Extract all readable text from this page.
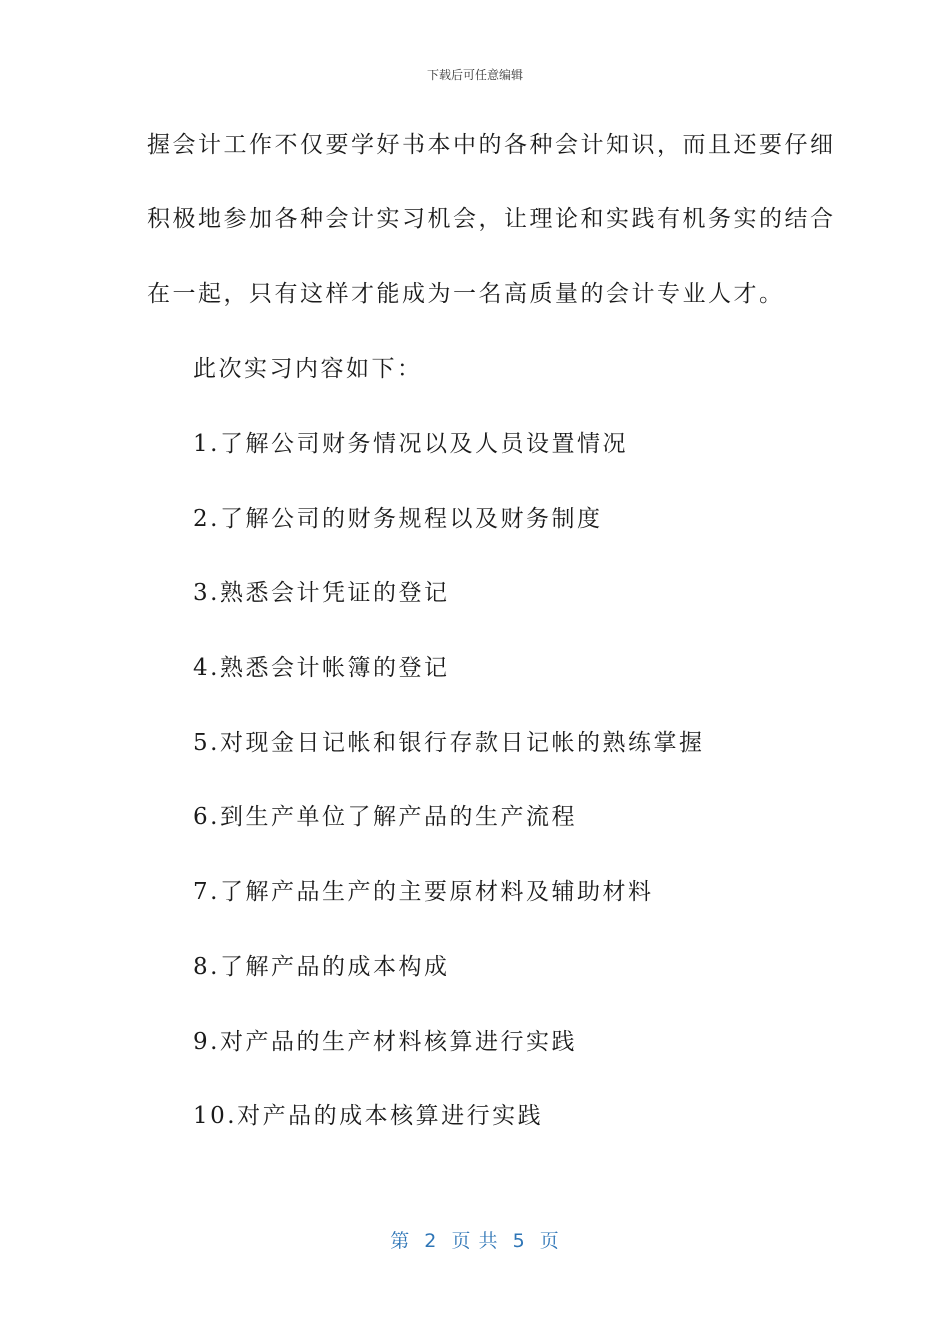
下载后可任意编辑
握会计工作不仅要学好书本中的各种会计知识，而且还要仔细
积极地参加各种会计实习机会，让理论和实践有机务实的结合
在一起，只有这样才能成为一名高质量的会计专业人才。
此次实习内容如下：
1.了解公司财务情况以及人员设置情况
2.了解公司的财务规程以及财务制度
3.熟悉会计凭证的登记
4.熟悉会计帐簿的登记
5.对现金日记帐和银行存款日记帐的熟练掌握
6.到生产单位了解产品的生产流程
7.了解产品生产的主要原材料及辅助材料
8.了解产品的成本构成
9.对产品的生产材料核算进行实践
10.对产品的成本核算进行实践
第  2  页 共  5  页
